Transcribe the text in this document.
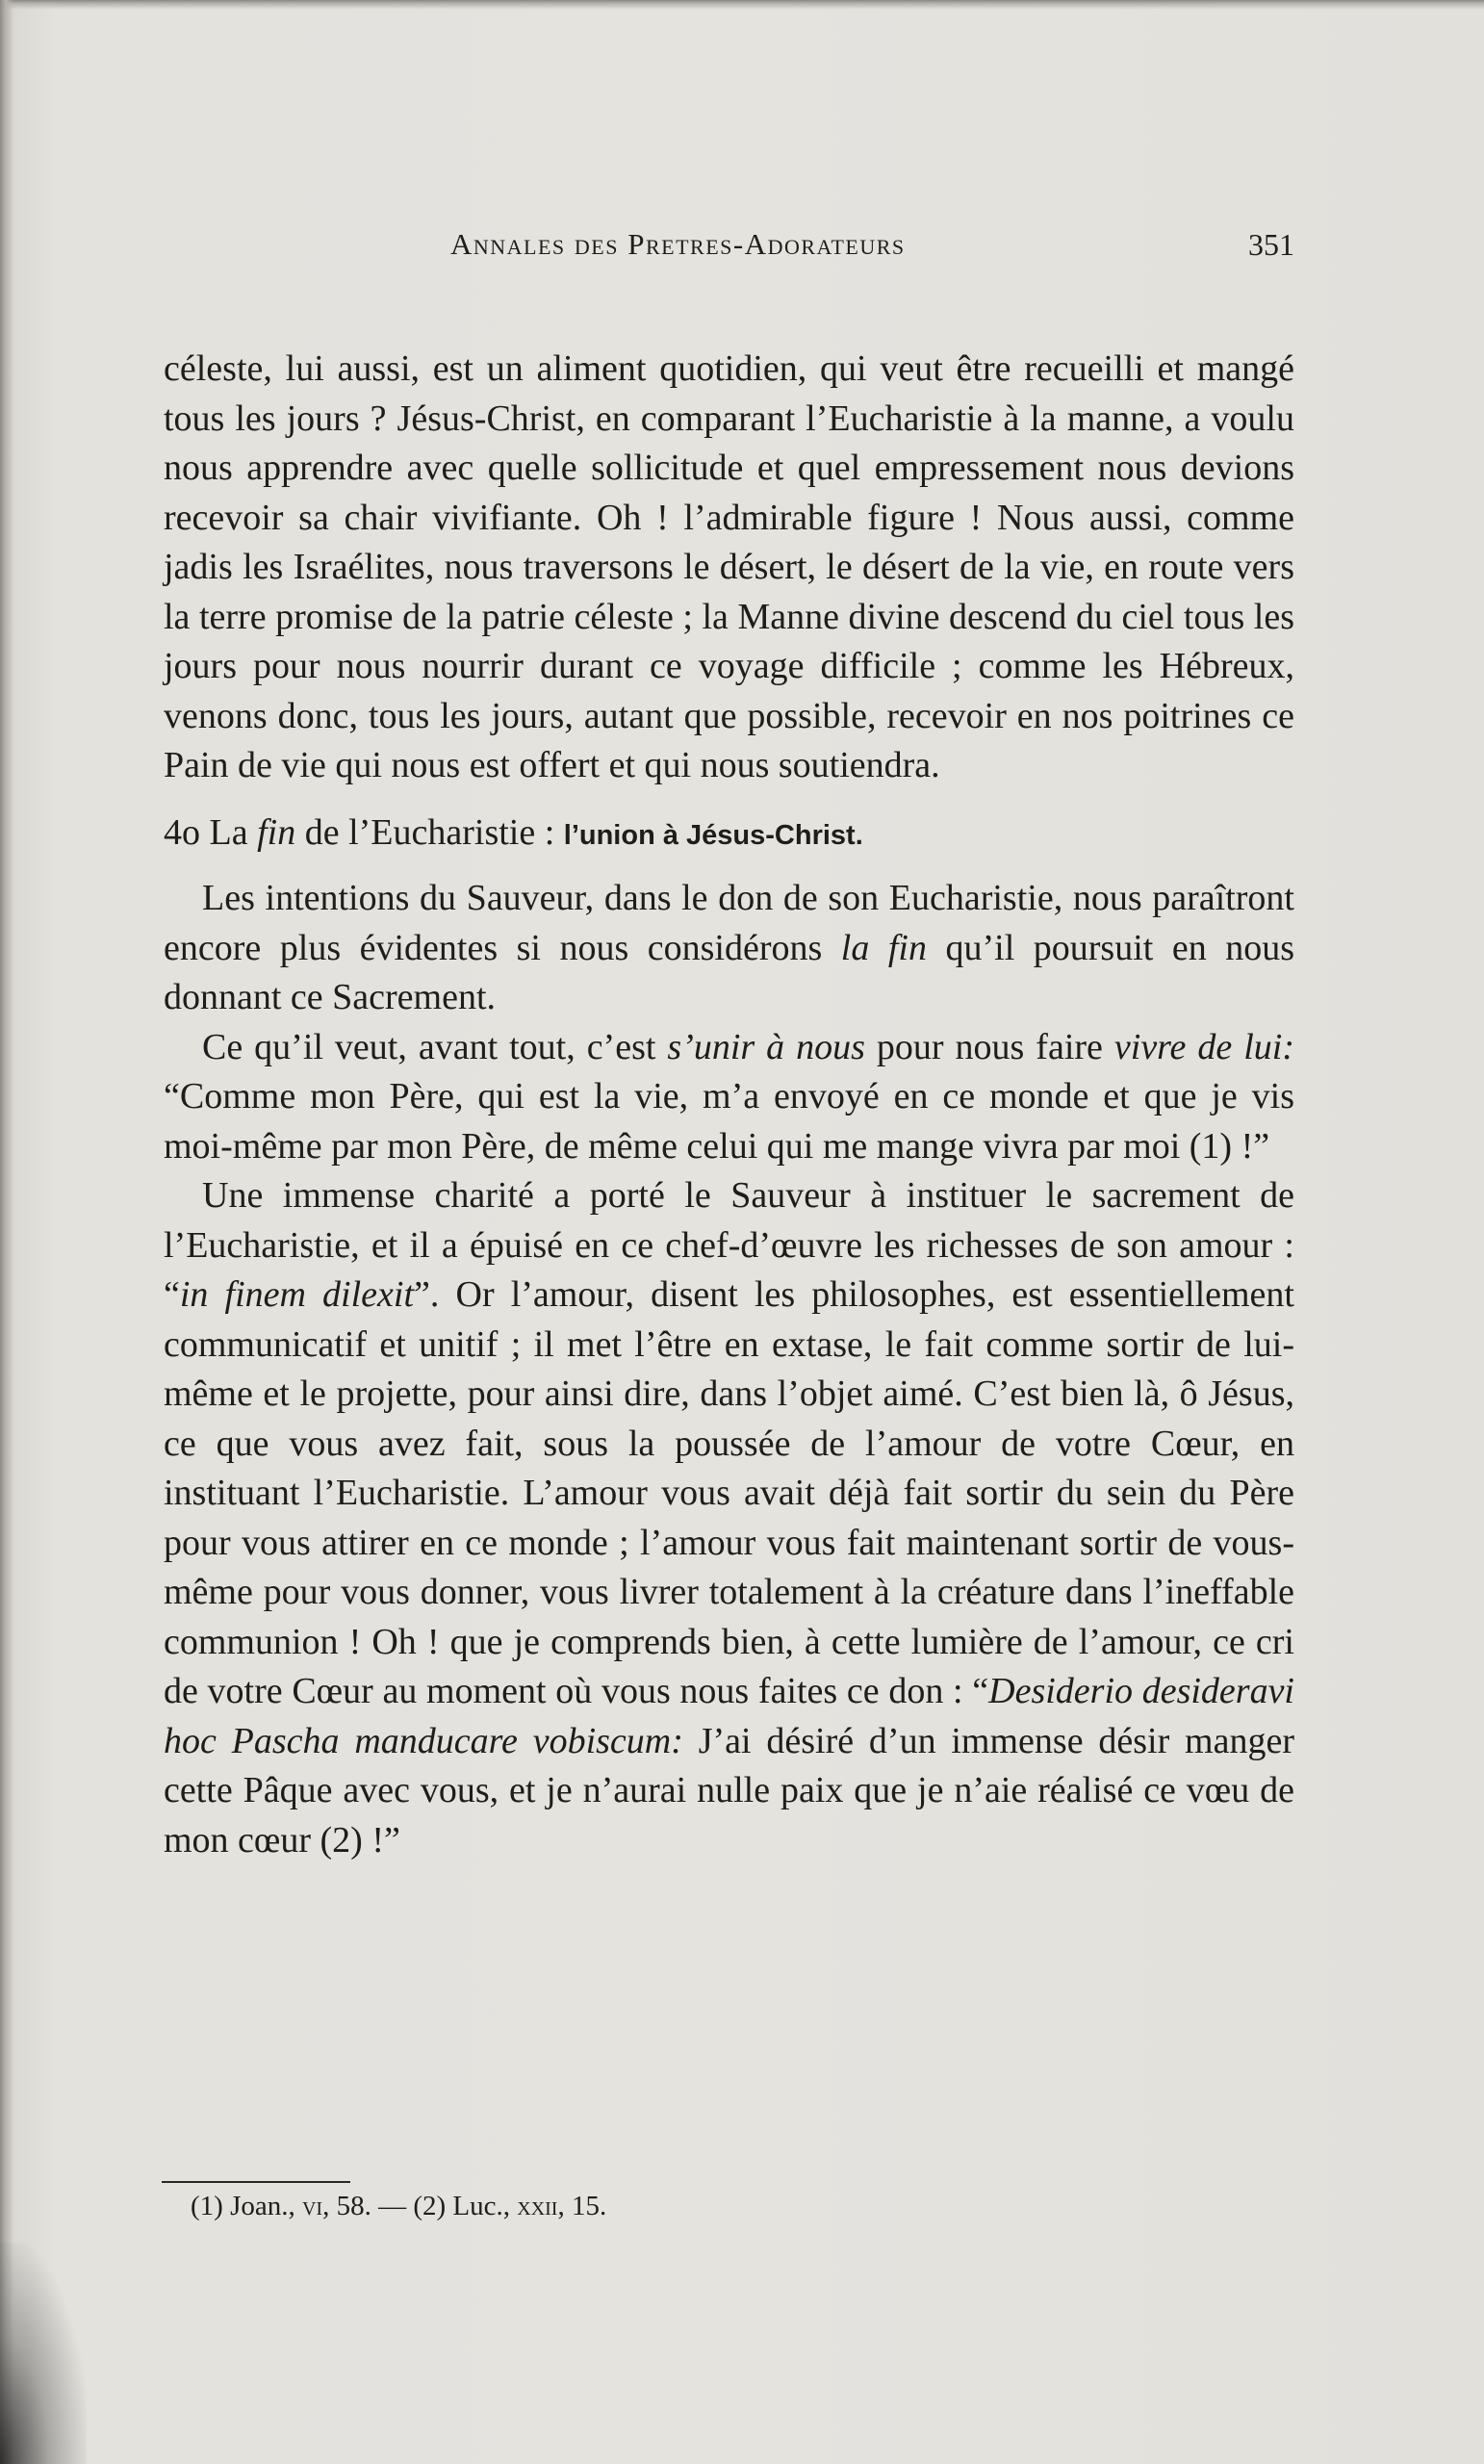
Annales des Pretres-Adorateurs	351

céleste, lui aussi, est un aliment quotidien, qui veut être recueilli et mangé tous les jours ? Jésus-Christ, en comparant l’Eucharistie à la manne, a voulu nous apprendre avec quelle sollicitude et quel empressement nous devions recevoir sa chair vivifiante. Oh ! l’admirable figure ! Nous aussi, comme jadis les Israélites, nous traversons le désert, le désert de la vie, en route vers la terre promise de la patrie céleste ; la Manne divine descend du ciel tous les jours pour nous nourrir durant ce voyage difficile ; comme les Hébreux, venons donc, tous les jours, autant que possible, recevoir en nos poitrines ce Pain de vie qui nous est offert et qui nous soutiendra.

4o La fin de l’Eucharistie : l’union à Jésus-Christ.

Les intentions du Sauveur, dans le don de son Eucharistie, nous paraîtront encore plus évidentes si nous considérons la fin qu’il poursuit en nous donnant ce Sacrement.

Ce qu’il veut, avant tout, c’est s’unir à nous pour nous faire vivre de lui: “Comme mon Père, qui est la vie, m’a envoyé en ce monde et que je vis moi-même par mon Père, de même celui qui me mange vivra par moi (1) !”

Une immense charité a porté le Sauveur à instituer le sacrement de l’Eucharistie, et il a épuisé en ce chef-d’œuvre les richesses de son amour : “in finem dilexit”. Or l’amour, disent les philosophes, est essentiellement communicatif et unitif ; il met l’être en extase, le fait comme sortir de lui-même et le projette, pour ainsi dire, dans l’objet aimé. C’est bien là, ô Jésus, ce que vous avez fait, sous la poussée de l’amour de votre Cœur, en instituant l’Eucharistie. L’amour vous avait déjà fait sortir du sein du Père pour vous attirer en ce monde ; l’amour vous fait maintenant sortir de vous-même pour vous donner, vous livrer totalement à la créature dans l’ineffable communion ! Oh ! que je comprends bien, à cette lumière de l’amour, ce cri de votre Cœur au moment où vous nous faites ce don : “Desiderio desideravi hoc Pascha manducare vobiscum: J’ai désiré d’un immense désir manger cette Pâque avec vous, et je n’aurai nulle paix que je n’aie réalisé ce vœu de mon cœur (2) !”

(1) Joan., vi, 58. — (2) Luc., xxii, 15.
